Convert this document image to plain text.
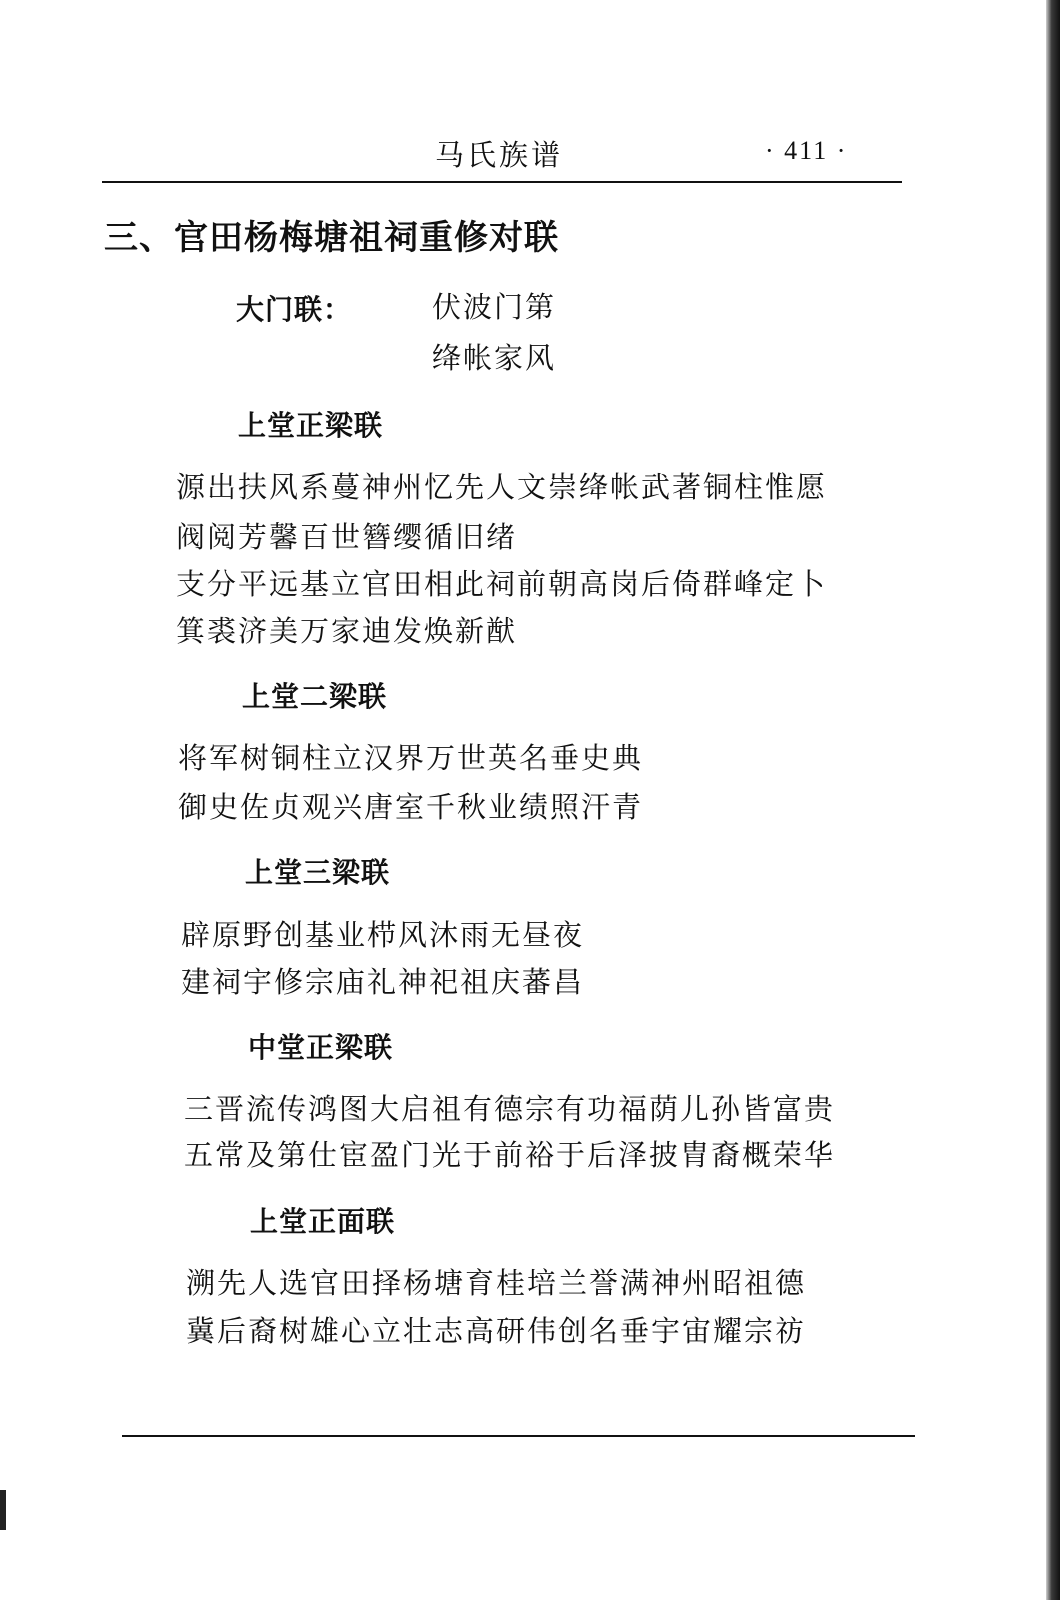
马氏族谱	· 411 ·
三、官田杨梅塘祖祠重修对联
大门联：	伏波门第
绛帐家风
上堂正梁联
源出扶风系蔓神州忆先人文崇绛帐武著铜柱惟愿
阀阅芳馨百世簪缨循旧绪
支分平远基立官田相此祠前朝高岗后倚群峰定卜
箕裘济美万家迪发焕新猷
上堂二梁联
将军树铜柱立汉界万世英名垂史典
御史佐贞观兴唐室千秋业绩照汗青
上堂三梁联
辟原野创基业栉风沐雨无昼夜
建祠宇修宗庙礼神祀祖庆蕃昌
中堂正梁联
三晋流传鸿图大启祖有德宗有功福荫儿孙皆富贵
五常及第仕宦盈门光于前裕于后泽披胄裔概荣华
上堂正面联
溯先人选官田择杨塘育桂培兰誉满神州昭祖德
冀后裔树雄心立壮志高研伟创名垂宇宙耀宗祊
